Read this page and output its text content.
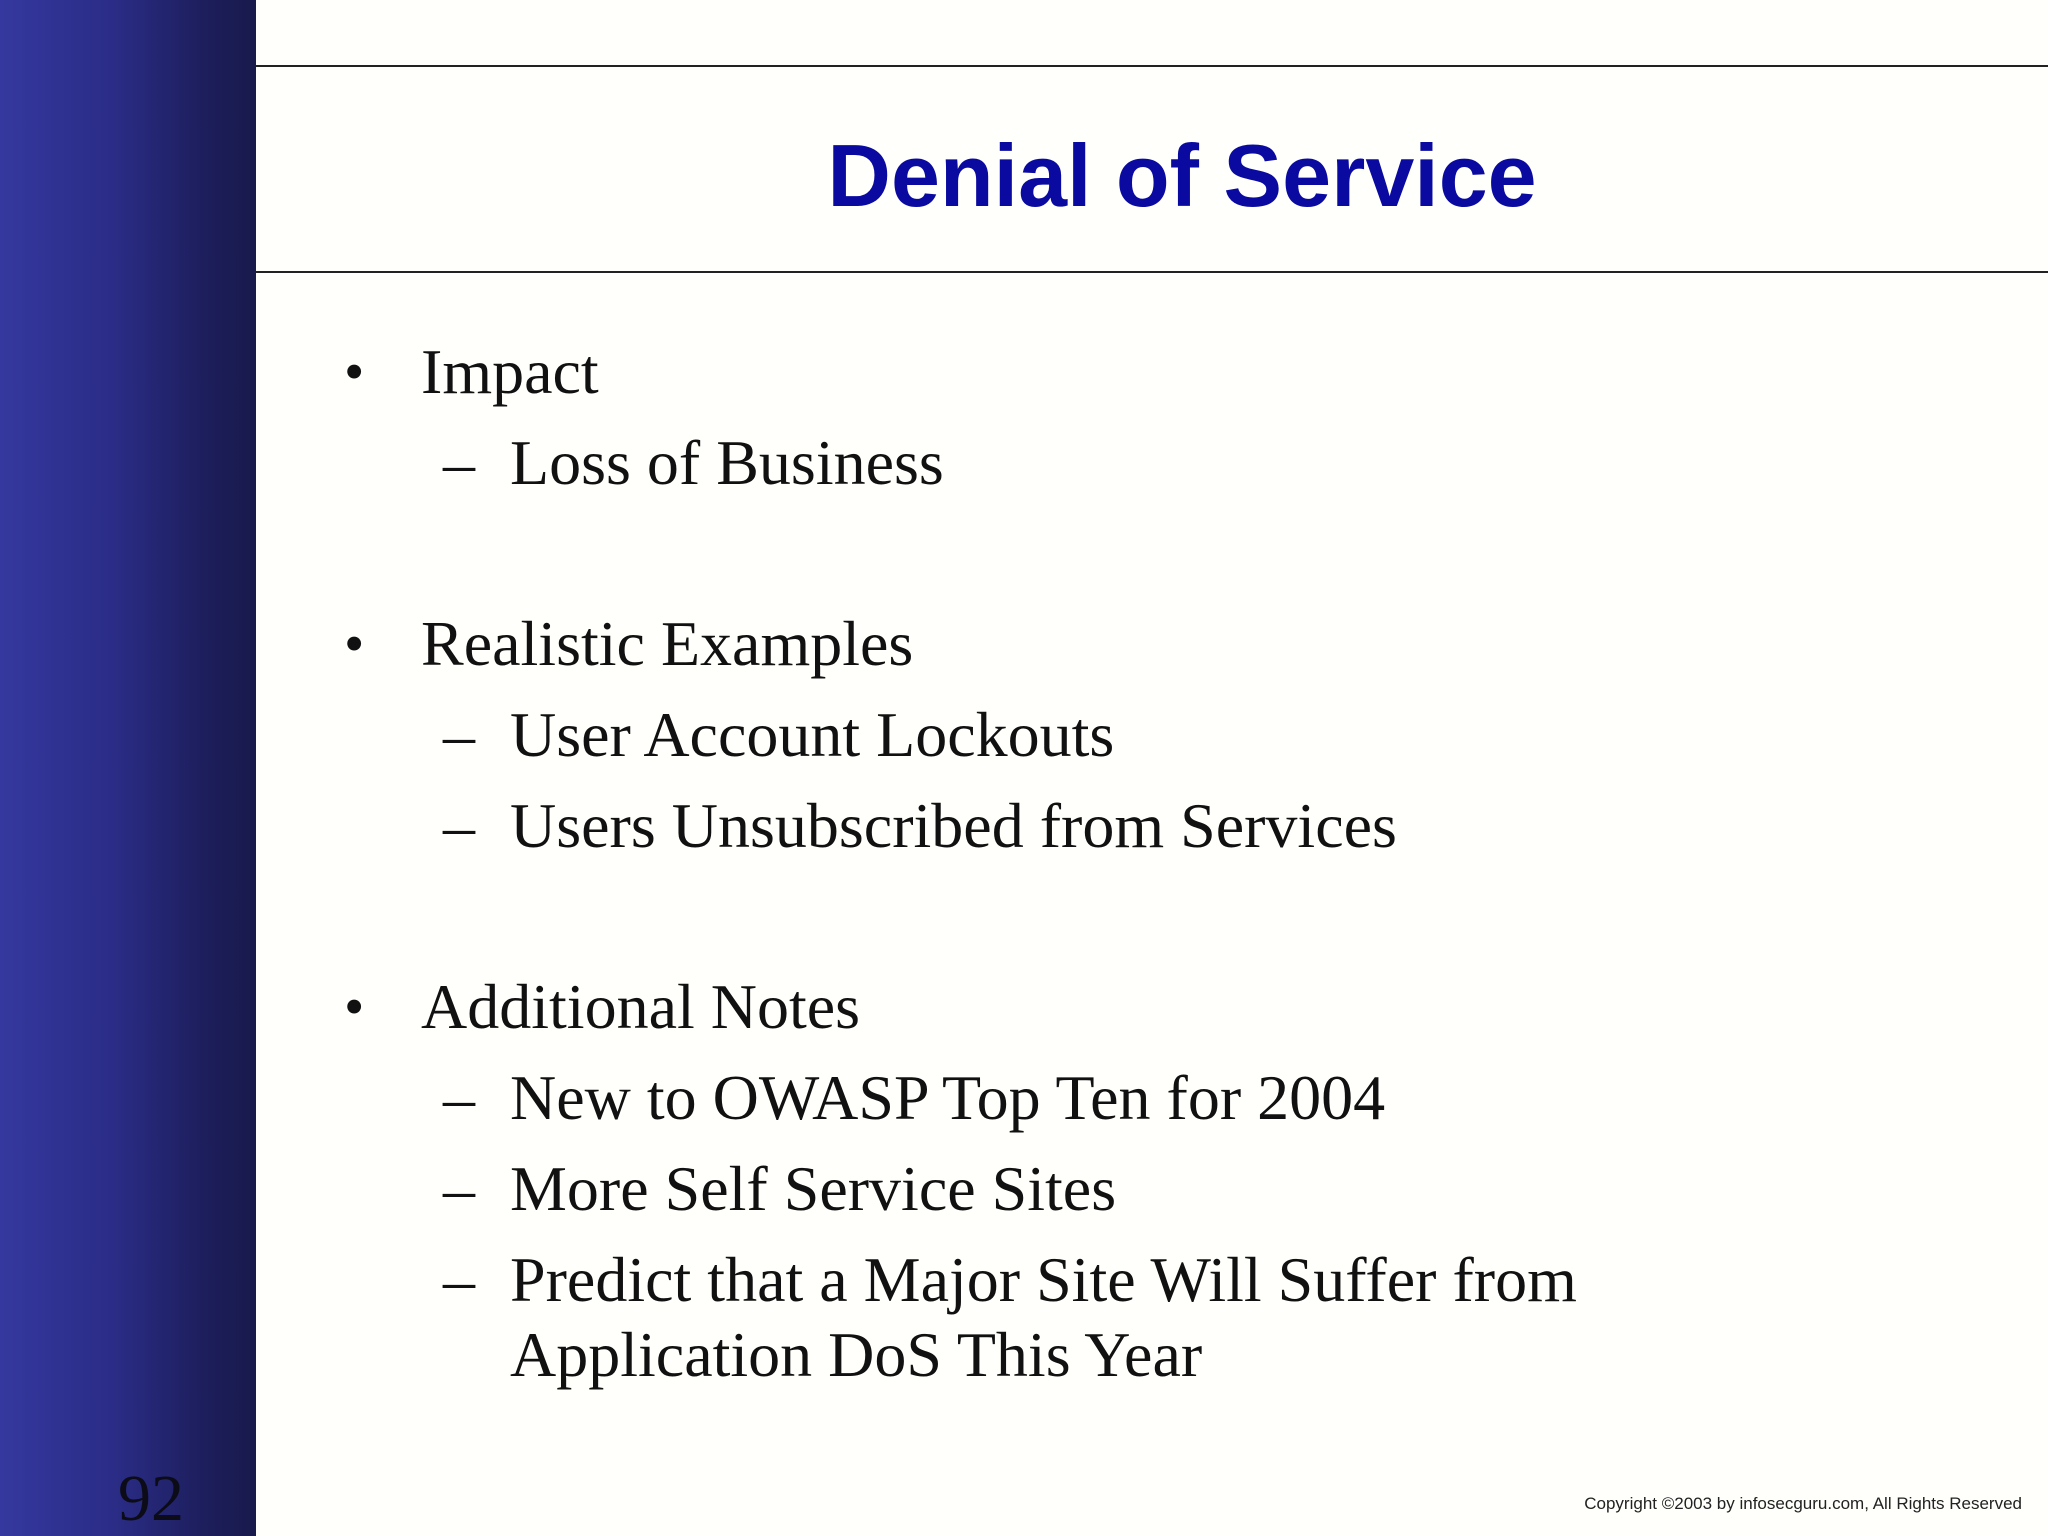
92
Denial of Service
• Impact
– Loss of Business
• Realistic Examples
– User Account Lockouts
– Users Unsubscribed from Services
• Additional Notes
– New to OWASP Top Ten for 2004
– More Self Service Sites
– Predict that a Major Site Will Suffer from
Application DoS This Year
Copyright ©2003 by infosecguru.com, All Rights Reserved
